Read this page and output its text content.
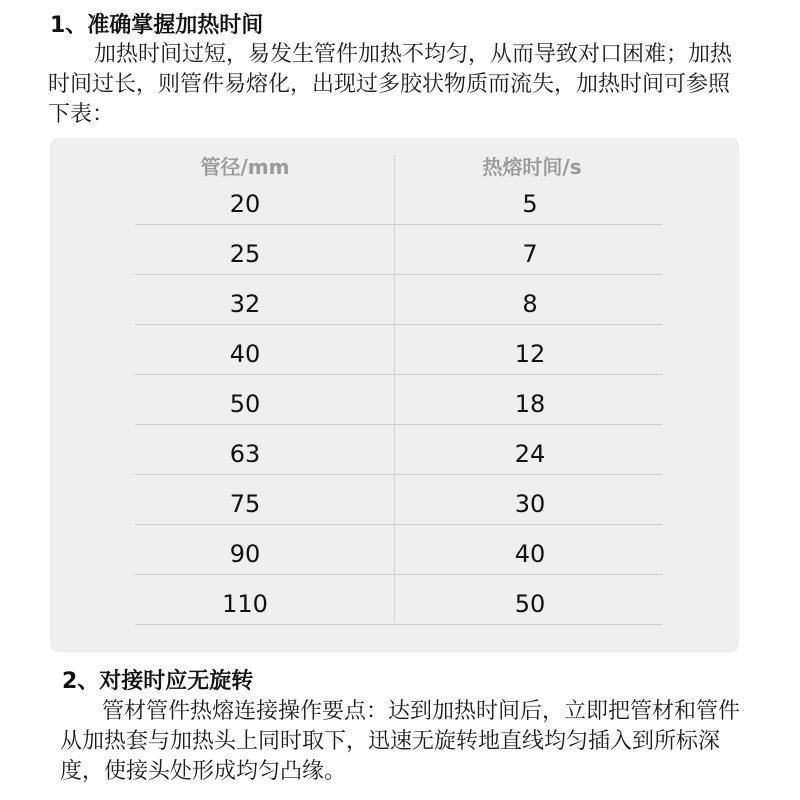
1、准确掌握加热时间

加热时间过短，易发生管件加热不均匀，从而导致对口困难；加热时间过长，则管件易熔化，出现过多胶状物质而流失，加热时间可参照下表：

管径/mm	热熔时间/s
20	5
25	7
32	8
40	12
50	18
63	24
75	30
90	40
110	50
2、对接时应无旋转

管材管件热熔连接操作要点：达到加热时间后，立即把管材和管件从加热套与加热头上同时取下，迅速无旋转地直线均匀插入到所标深度，使接头处形成均匀凸缘。
